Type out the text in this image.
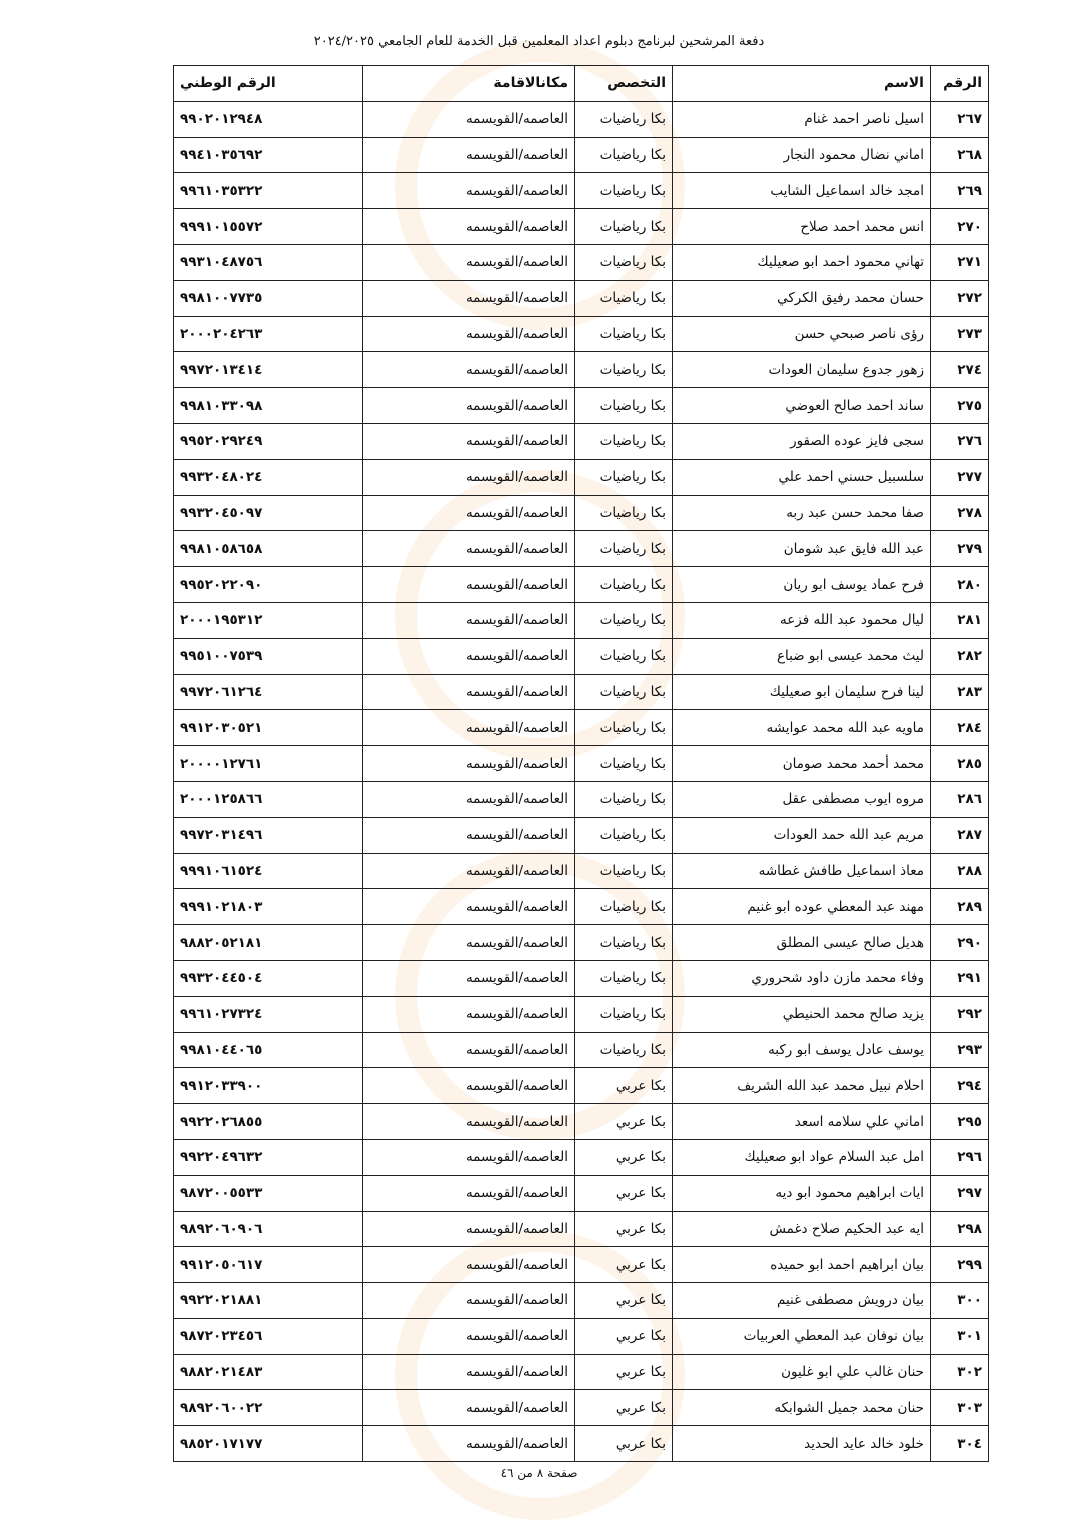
دفعة المرشحين لبرنامج دبلوم اعداد المعلمين قبل الخدمة للعام الجامعي ٢٠٢٤/٢٠٢٥
الرقم	الاسم	التخصص	مكانالاقامة	الرقم الوطني
٢٦٧	اسيل ناصر احمد غنام	بكا رياضيات	العاصمه/القويسمه	٩٩٠٢٠١٢٩٤٨
٢٦٨	اماني نضال محمود النجار	بكا رياضيات	العاصمه/القويسمه	٩٩٤١٠٣٥٦٩٢
٢٦٩	امجد خالد اسماعيل الشايب	بكا رياضيات	العاصمه/القويسمه	٩٩٦١٠٣٥٣٢٢
٢٧٠	انس محمد احمد صلاح	بكا رياضيات	العاصمه/القويسمه	٩٩٩١٠١٥٥٧٢
٢٧١	تهاني محمود احمد ابو صعيليك	بكا رياضيات	العاصمه/القويسمه	٩٩٣١٠٤٨٧٥٦
٢٧٢	حسان محمد رفيق الكركي	بكا رياضيات	العاصمه/القويسمه	٩٩٨١٠٠٧٧٣٥
٢٧٣	رؤى ناصر صبحي حسن	بكا رياضيات	العاصمه/القويسمه	٢٠٠٠٢٠٤٢٦٣
٢٧٤	زهور جدوع سليمان العودات	بكا رياضيات	العاصمه/القويسمه	٩٩٧٢٠١٣٤١٤
٢٧٥	ساند احمد صالح العوضي	بكا رياضيات	العاصمه/القويسمه	٩٩٨١٠٣٣٠٩٨
٢٧٦	سجى فايز عوده الصقور	بكا رياضيات	العاصمه/القويسمه	٩٩٥٢٠٢٩٢٤٩
٢٧٧	سلسبيل حسني احمد علي	بكا رياضيات	العاصمه/القويسمه	٩٩٣٢٠٤٨٠٢٤
٢٧٨	صفا محمد حسن عبد ربه	بكا رياضيات	العاصمه/القويسمه	٩٩٣٢٠٤٥٠٩٧
٢٧٩	عبد الله فايق عبد شومان	بكا رياضيات	العاصمه/القويسمه	٩٩٨١٠٥٨٦٥٨
٢٨٠	فرح عماد يوسف ابو ريان	بكا رياضيات	العاصمه/القويسمه	٩٩٥٢٠٢٢٠٩٠
٢٨١	ليال محمود عبد الله فزعه	بكا رياضيات	العاصمه/القويسمه	٢٠٠٠١٩٥٣١٢
٢٨٢	ليث محمد عيسى ابو ضباع	بكا رياضيات	العاصمه/القويسمه	٩٩٥١٠٠٧٥٣٩
٢٨٣	لينا فرح سليمان ابو صعيليك	بكا رياضيات	العاصمه/القويسمه	٩٩٧٢٠٦١٢٦٤
٢٨٤	ماويه عبد الله محمد عوايشه	بكا رياضيات	العاصمه/القويسمه	٩٩١٢٠٣٠٥٢١
٢٨٥	محمد أحمد محمد صومان	بكا رياضيات	العاصمه/القويسمه	٢٠٠٠٠١٢٧٦١
٢٨٦	مروه ايوب مصطفى عقل	بكا رياضيات	العاصمه/القويسمه	٢٠٠٠١٢٥٨٦٦
٢٨٧	مريم عبد الله حمد العودات	بكا رياضيات	العاصمه/القويسمه	٩٩٧٢٠٣١٤٩٦
٢٨٨	معاذ اسماعيل طافش غطاشه	بكا رياضيات	العاصمه/القويسمه	٩٩٩١٠٦١٥٢٤
٢٨٩	مهند عبد المعطي عوده ابو غنيم	بكا رياضيات	العاصمه/القويسمه	٩٩٩١٠٢١٨٠٣
٢٩٠	هديل صالح عيسى المطلق	بكا رياضيات	العاصمه/القويسمه	٩٨٨٢٠٥٢١٨١
٢٩١	وفاء محمد مازن داود شحروري	بكا رياضيات	العاصمه/القويسمه	٩٩٣٢٠٤٤٥٠٤
٢٩٢	يزيد صالح محمد الحنيطي	بكا رياضيات	العاصمه/القويسمه	٩٩٦١٠٢٧٣٢٤
٢٩٣	يوسف عادل يوسف ابو ركبه	بكا رياضيات	العاصمه/القويسمه	٩٩٨١٠٤٤٠٦٥
٢٩٤	احلام نبيل محمد عبد الله الشريف	بكا عربي	العاصمه/القويسمه	٩٩١٢٠٣٣٩٠٠
٢٩٥	اماني علي سلامه اسعد	بكا عربي	العاصمه/القويسمه	٩٩٢٢٠٢٦٨٥٥
٢٩٦	امل عبد السلام عواد ابو صعيليك	بكا عربي	العاصمه/القويسمه	٩٩٢٢٠٤٩٦٣٢
٢٩٧	ايات ابراهيم محمود ابو ديه	بكا عربي	العاصمه/القويسمه	٩٨٧٢٠٠٥٥٣٣
٢٩٨	ايه عبد الحكيم صلاح دغمش	بكا عربي	العاصمه/القويسمه	٩٨٩٢٠٦٠٩٠٦
٢٩٩	بيان ابراهيم احمد ابو حميده	بكا عربي	العاصمه/القويسمه	٩٩١٢٠٥٠٦١٧
٣٠٠	بيان درويش مصطفى غنيم	بكا عربي	العاصمه/القويسمه	٩٩٢٢٠٢١٨٨١
٣٠١	بيان نوفان عبد المعطي العربيات	بكا عربي	العاصمه/القويسمه	٩٨٧٢٠٢٣٤٥٦
٣٠٢	حنان غالب علي ابو غليون	بكا عربي	العاصمه/القويسمه	٩٨٨٢٠٢١٤٨٣
٣٠٣	حنان محمد جميل الشوابكه	بكا عربي	العاصمه/القويسمه	٩٨٩٢٠٦٠٠٢٢
٣٠٤	خلود خالد عايد الحديد	بكا عربي	العاصمه/القويسمه	٩٨٥٢٠١٧١٧٧
صفحة ٨ من ٤٦
